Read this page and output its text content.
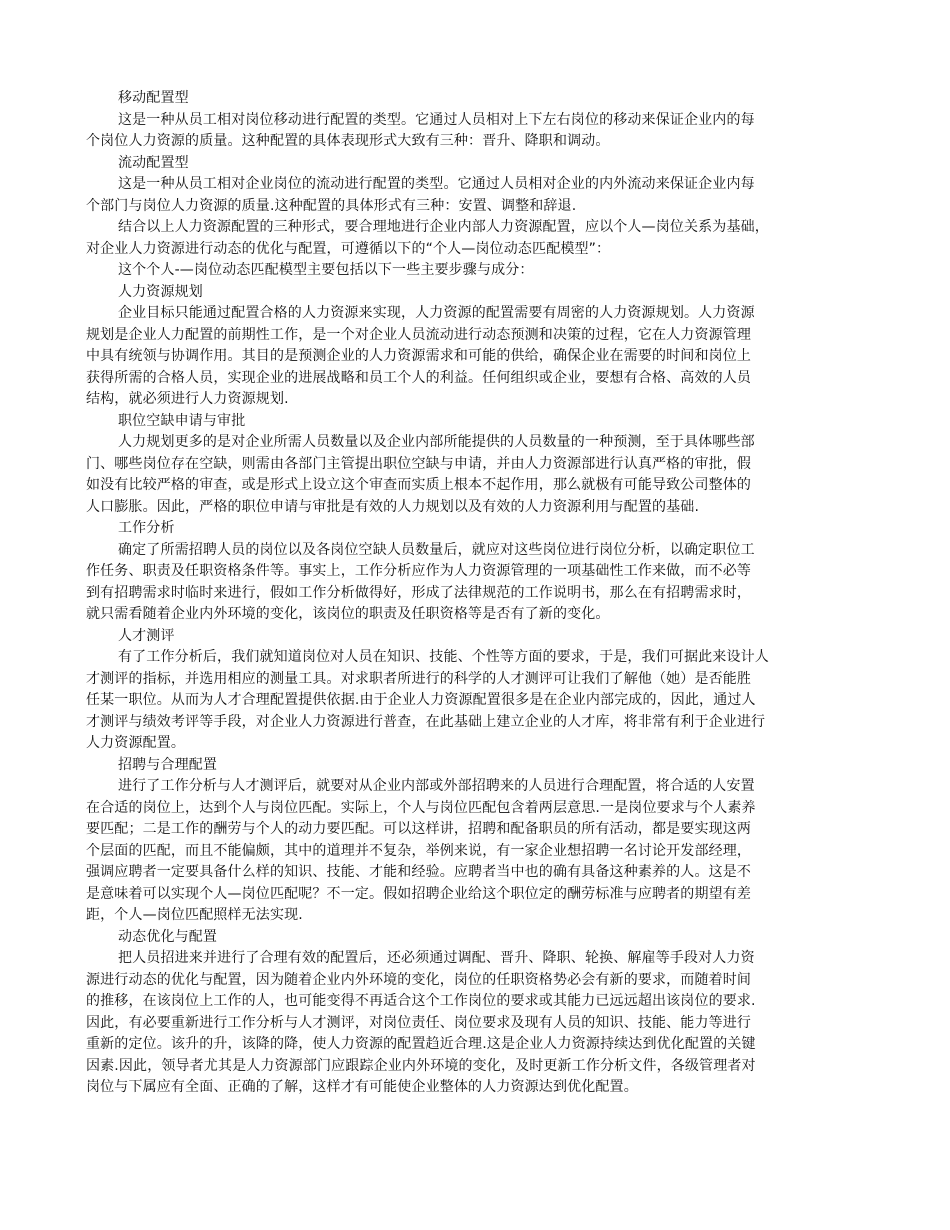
移动配置型
这是一种从员工相对岗位移动进行配置的类型。它通过人员相对上下左右岗位的移动来保证企业内的每
个岗位人力资源的质量。这种配置的具体表现形式大致有三种：晋升、降职和调动。
流动配置型
这是一种从员工相对企业岗位的流动进行配置的类型。它通过人员相对企业的内外流动来保证企业内每
个部门与岗位人力资源的质量.这种配置的具体形式有三种：安置、调整和辞退.
结合以上人力资源配置的三种形式，要合理地进行企业内部人力资源配置，应以个人—岗位关系为基础，
对企业人力资源进行动态的优化与配置，可遵循以下的“个人—岗位动态匹配模型”：
这个个人-—岗位动态匹配模型主要包括以下一些主要步骤与成分：
人力资源规划
企业目标只能通过配置合格的人力资源来实现，人力资源的配置需要有周密的人力资源规划。人力资源
规划是企业人力配置的前期性工作，是一个对企业人员流动进行动态预测和决策的过程，它在人力资源管理
中具有统领与协调作用。其目的是预测企业的人力资源需求和可能的供给，确保企业在需要的时间和岗位上
获得所需的合格人员，实现企业的进展战略和员工个人的利益。任何组织或企业，要想有合格、高效的人员
结构，就必须进行人力资源规划.
职位空缺申请与审批
人力规划更多的是对企业所需人员数量以及企业内部所能提供的人员数量的一种预测，至于具体哪些部
门、哪些岗位存在空缺，则需由各部门主管提出职位空缺与申请，并由人力资源部进行认真严格的审批，假
如没有比较严格的审查，或是形式上设立这个审查而实质上根本不起作用，那么就极有可能导致公司整体的
人口膨胀。因此，严格的职位申请与审批是有效的人力规划以及有效的人力资源利用与配置的基础.
工作分析
确定了所需招聘人员的岗位以及各岗位空缺人员数量后，就应对这些岗位进行岗位分析，以确定职位工
作任务、职责及任职资格条件等。事实上，工作分析应作为人力资源管理的一项基础性工作来做，而不必等
到有招聘需求时临时来进行，假如工作分析做得好，形成了法律规范的工作说明书，那么在有招聘需求时，
就只需看随着企业内外环境的变化，该岗位的职责及任职资格等是否有了新的变化。
人才测评
有了工作分析后，我们就知道岗位对人员在知识、技能、个性等方面的要求，于是，我们可据此来设计人
才测评的指标，并选用相应的测量工具。对求职者所进行的科学的人才测评可让我们了解他（她）是否能胜
任某一职位。从而为人才合理配置提供依据.由于企业人力资源配置很多是在企业内部完成的，因此，通过人
才测评与绩效考评等手段，对企业人力资源进行普查，在此基础上建立企业的人才库，将非常有利于企业进行
人力资源配置。
招聘与合理配置
进行了工作分析与人才测评后，就要对从企业内部或外部招聘来的人员进行合理配置，将合适的人安置
在合适的岗位上，达到个人与岗位匹配。实际上，个人与岗位匹配包含着两层意思.一是岗位要求与个人素养
要匹配；二是工作的酬劳与个人的动力要匹配。可以这样讲，招聘和配备职员的所有活动，都是要实现这两
个层面的匹配，而且不能偏颇，其中的道理并不复杂，举例来说，有一家企业想招聘一名讨论开发部经理，
强调应聘者一定要具备什么样的知识、技能、才能和经验。应聘者当中也的确有具备这种素养的人。这是不
是意味着可以实现个人—岗位匹配呢？不一定。假如招聘企业给这个职位定的酬劳标准与应聘者的期望有差
距，个人—岗位匹配照样无法实现.
动态优化与配置
把人员招进来并进行了合理有效的配置后，还必须通过调配、晋升、降职、轮换、解雇等手段对人力资
源进行动态的优化与配置，因为随着企业内外环境的变化，岗位的任职资格势必会有新的要求，而随着时间
的推移，在该岗位上工作的人，也可能变得不再适合这个工作岗位的要求或其能力已远远超出该岗位的要求.
因此，有必要重新进行工作分析与人才测评，对岗位责任、岗位要求及现有人员的知识、技能、能力等进行
重新的定位。该升的升，该降的降，使人力资源的配置趋近合理.这是企业人力资源持续达到优化配置的关键
因素.因此，领导者尤其是人力资源部门应跟踪企业内外环境的变化，及时更新工作分析文件，各级管理者对
岗位与下属应有全面、正确的了解，这样才有可能使企业整体的人力资源达到优化配置。
